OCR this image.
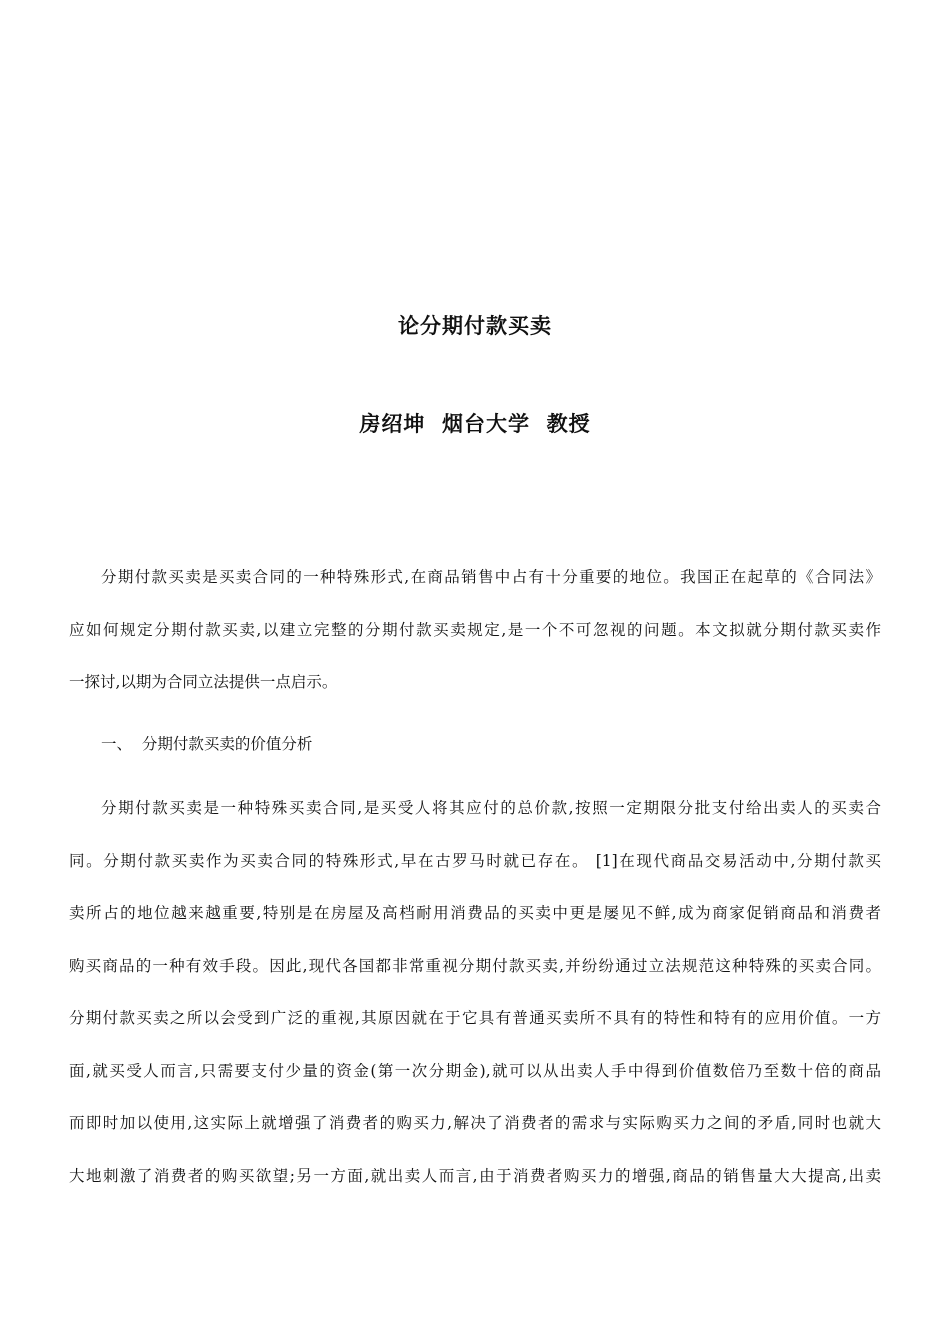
论分期付款买卖
房绍坤  烟台大学  教授
分期付款买卖是买卖合同的一种特殊形式,在商品销售中占有十分重要的地位。我国正在起草的《合同法》
应如何规定分期付款买卖,以建立完整的分期付款买卖规定,是一个不可忽视的问题。本文拟就分期付款买卖作
一探讨,以期为合同立法提供一点启示。
一、  分期付款买卖的价值分析
分期付款买卖是一种特殊买卖合同,是买受人将其应付的总价款,按照一定期限分批支付给出卖人的买卖合
同。分期付款买卖作为买卖合同的特殊形式,早在古罗马时就已存在。 [1]在现代商品交易活动中,分期付款买
卖所占的地位越来越重要,特别是在房屋及高档耐用消费品的买卖中更是屡见不鲜,成为商家促销商品和消费者
购买商品的一种有效手段。因此,现代各国都非常重视分期付款买卖,并纷纷通过立法规范这种特殊的买卖合同。
分期付款买卖之所以会受到广泛的重视,其原因就在于它具有普通买卖所不具有的特性和特有的应用价值。一方
面,就买受人而言,只需要支付少量的资金(第一次分期金),就可以从出卖人手中得到价值数倍乃至数十倍的商品
而即时加以使用,这实际上就增强了消费者的购买力,解决了消费者的需求与实际购买力之间的矛盾,同时也就大
大地刺激了消费者的购买欲望;另一方面,就出卖人而言,由于消费者购买力的增强,商品的销售量大大提高,出卖
